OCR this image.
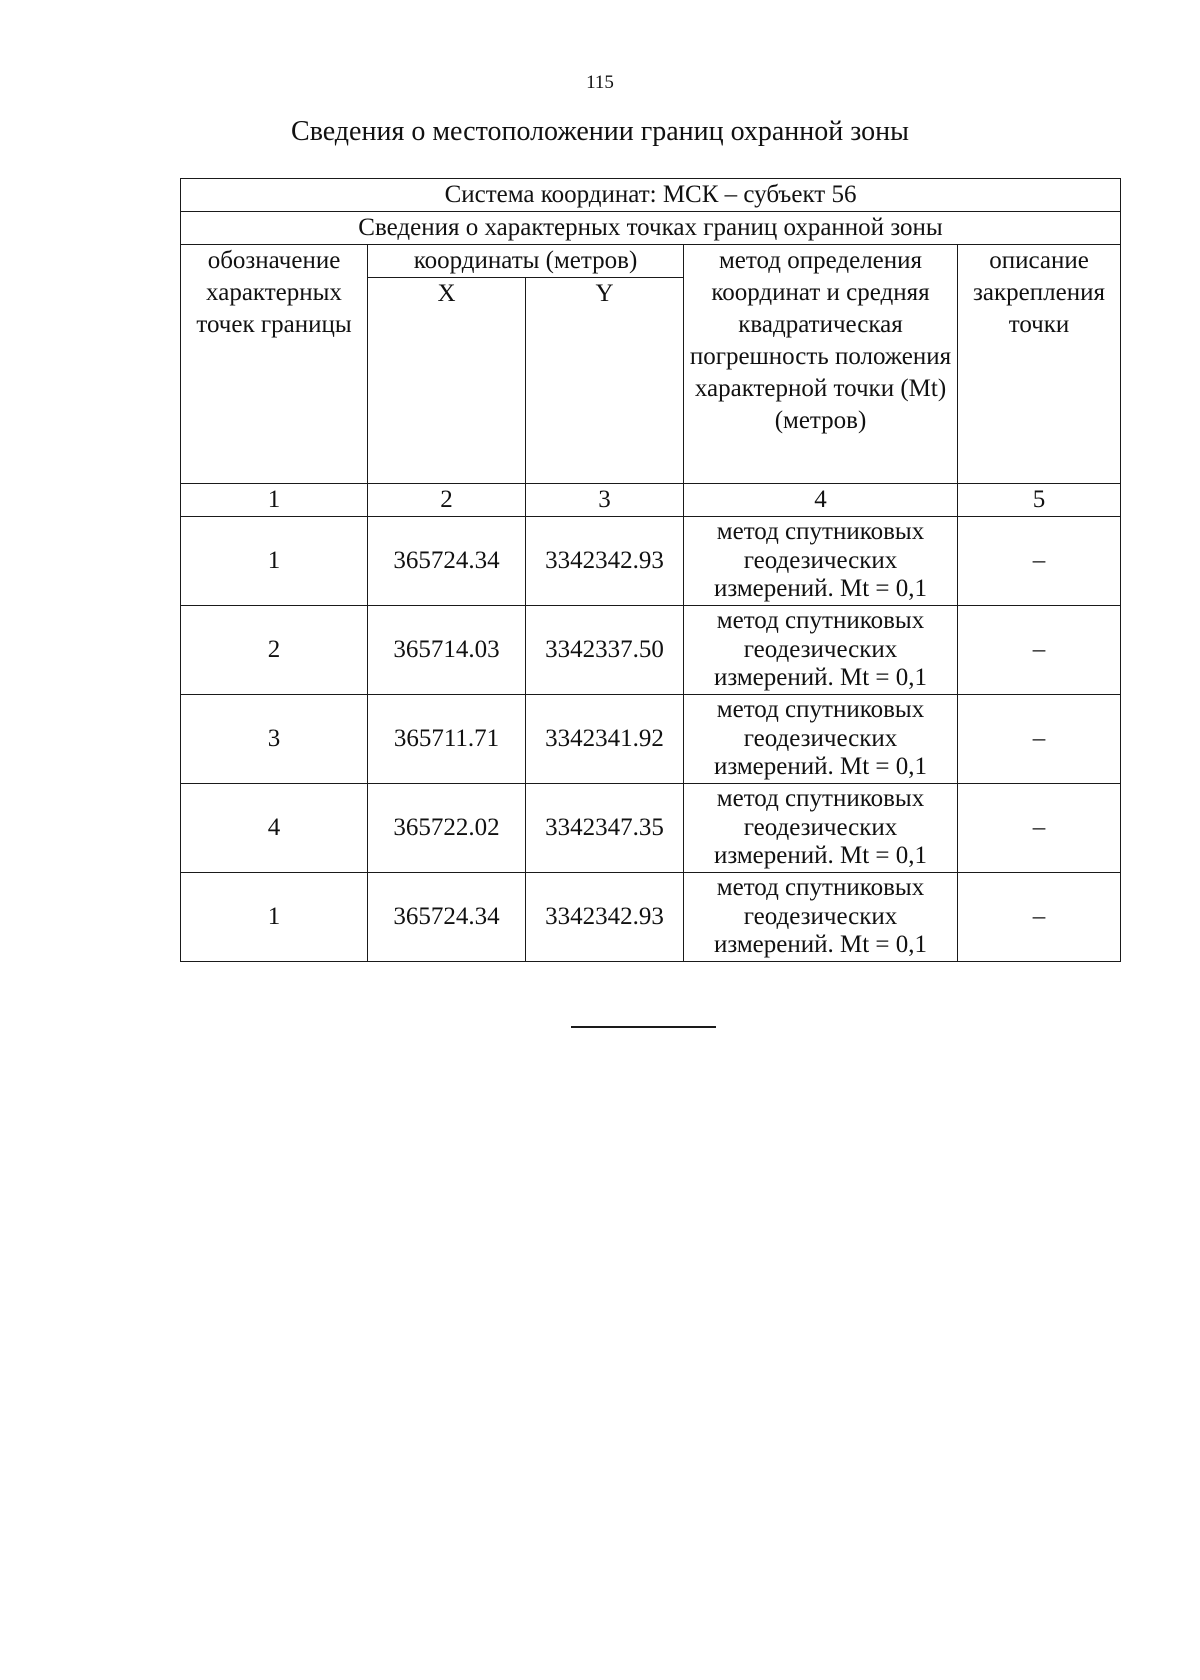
115
Сведения о местоположении границ охранной зоны
Система координат: МСК – субъект 56				
Сведения о характерных точках границ охранной зоны				
обозначение характерных точек границы	координаты (метров)		метод определения координат и средняя квадратическая погрешность положения характерной точки (Mt) (метров)	описание закрепления точки
	X	Y		
1	2	3	4	5
1	365724.34	3342342.93	метод спутниковых геодезических измерений. Mt = 0,1	–
2	365714.03	3342337.50	метод спутниковых геодезических измерений. Mt = 0,1	–
3	365711.71	3342341.92	метод спутниковых геодезических измерений. Mt = 0,1	–
4	365722.02	3342347.35	метод спутниковых геодезических измерений. Mt = 0,1	–
1	365724.34	3342342.93	метод спутниковых геодезических измерений. Mt = 0,1	–
